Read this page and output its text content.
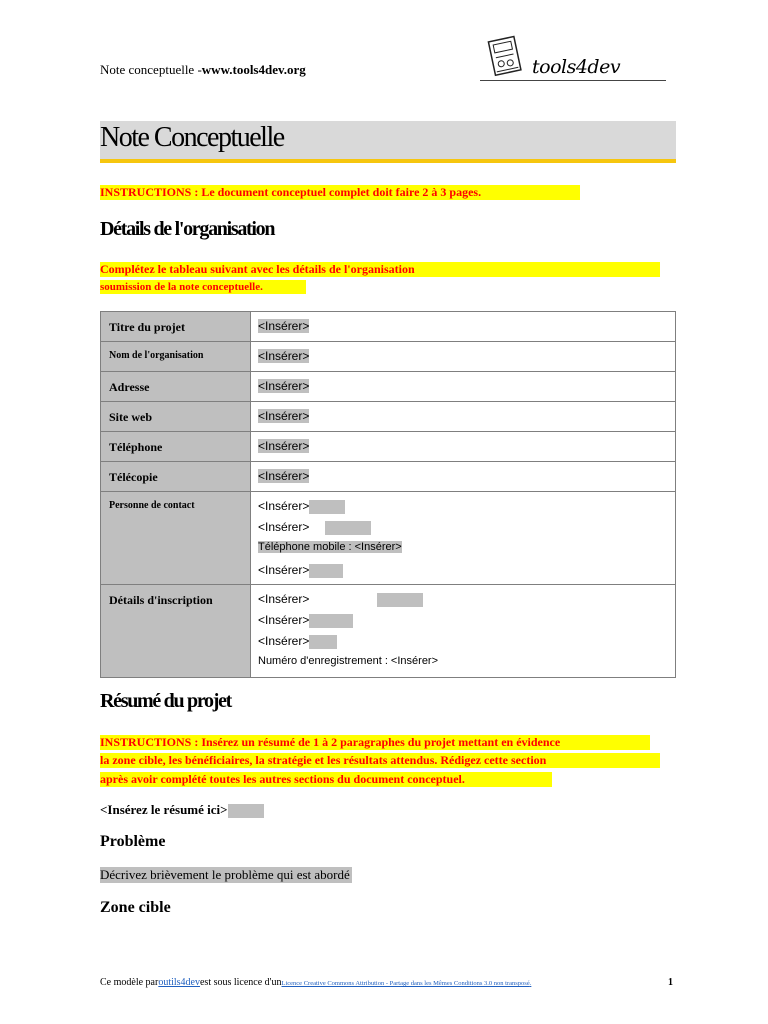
Note conceptuelle -www.tools4dev.org	tools4dev
Note Conceptuelle
INSTRUCTIONS : Le document conceptuel complet doit faire 2 à 3 pages.
Détails de l'organisation
Complétez le tableau suivant avec les détails de l'organisation
soumission de la note conceptuelle.
Titre du projet	<Insérer>
Nom de l'organisation	<Insérer>
Adresse	<Insérer>
Site web	<Insérer>
Téléphone	<Insérer>
Télécopie	<Insérer>
Personne de contact	<Insérer>
<Insérer>
Téléphone mobile : <Insérer>
<Insérer>

Détails d'inscription	<Insérer>
<Insérer>
<Insérer>
Numéro d'enregistrement : <Insérer>
Résumé du projet
INSTRUCTIONS : Insérez un résumé de 1 à 2 paragraphes du projet mettant en évidence
la zone cible, les bénéficiaires, la stratégie et les résultats attendus. Rédigez cette section
après avoir complété toutes les autres sections du document conceptuel.
<Insérez le résumé ici>
Problème
Décrivez brièvement le problème qui est abordé
Zone cible
Ce modèle paroutils4devest sous licence d'unLicence Creative Commons Attribution - Partage dans les Mêmes Conditions 3.0 non transposé.	1
